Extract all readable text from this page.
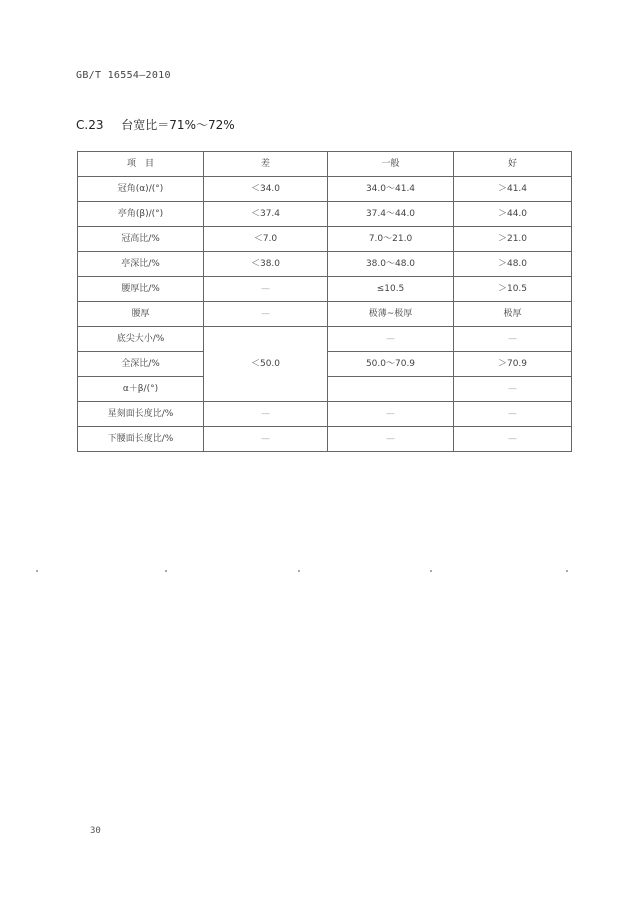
GB/T 16554—2010
C.23 台宽比＝71%～72%
项　目	差	一般	好
冠角(α)/(°)	＜34.0	34.0～41.4	＞41.4
亭角(β)/(°)	＜37.4	37.4～44.0	＞44.0
冠高比/%	＜7.0	7.0～21.0	＞21.0
亭深比/%	＜38.0	38.0～48.0	＞48.0
腰厚比/%	—	≤10.5	＞10.5
腰厚	—	极薄~极厚	极厚
底尖大小/%	＜50.0	—	—
全深比/%		50.0～70.9	＞70.9
α＋β/(°)			—
星刻面长度比/%	—	—	—
下腰面长度比/%	—	—	—
30
